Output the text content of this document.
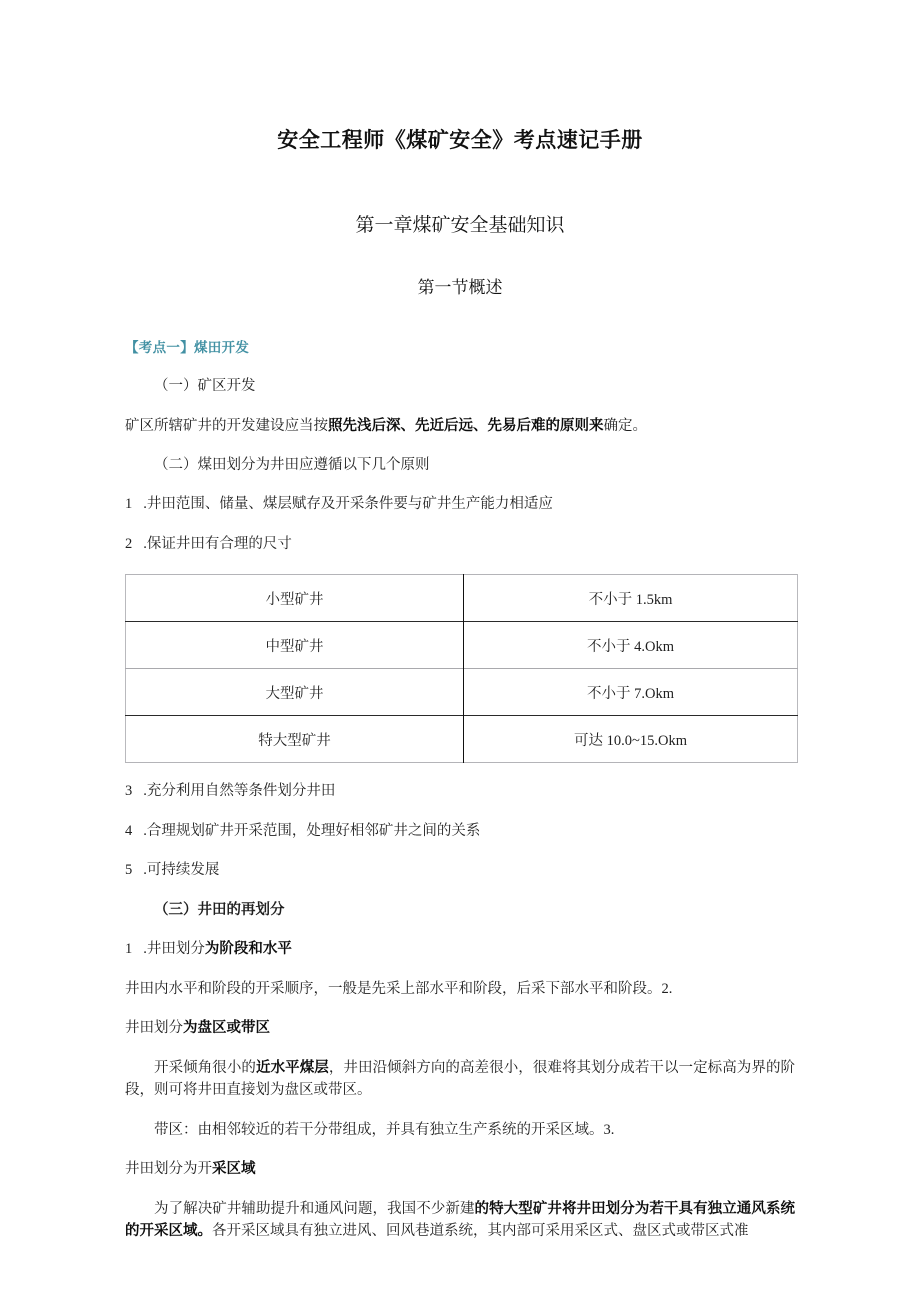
安全工程师《煤矿安全》考点速记手册
第一章煤矿安全基础知识
第一节概述

【考点一】煤田开发

（一）矿区开发

矿区所辖矿井的开发建设应当按照先浅后深、先近后远、先易后难的原则来确定。

（二）煤田划分为井田应遵循以下几个原则

1 .井田范围、储量、煤层赋存及开采条件要与矿井生产能力相适应

2 .保证井田有合理的尺寸

小型矿井	不小于 1.5km
中型矿井	不小于 4.Okm
大型矿井	不小于 7.Okm
特大型矿井	可达 10.0~15.Okm

3 .充分利用自然等条件划分井田

4 .合理规划矿井开采范围，处理好相邻矿井之间的关系

5 .可持续发展

（三）井田的再划分

1 .井田划分为阶段和水平

井田内水平和阶段的开采顺序，一般是先采上部水平和阶段，后采下部水平和阶段。2.

井田划分为盘区或带区

开采倾角很小的近水平煤层，井田沿倾斜方向的高差很小，很难将其划分成若干以一定标高为界的阶段，则可将井田直接划为盘区或带区。

带区：由相邻较近的若干分带组成，并具有独立生产系统的开采区域。3.

井田划分为开采区域

为了解决矿井辅助提升和通风问题，我国不少新建的特大型矿井将井田划分为若干具有独立通风系统的开采区域。各开采区域具有独立进风、回风巷道系统，其内部可采用采区式、盘区式或带区式准
